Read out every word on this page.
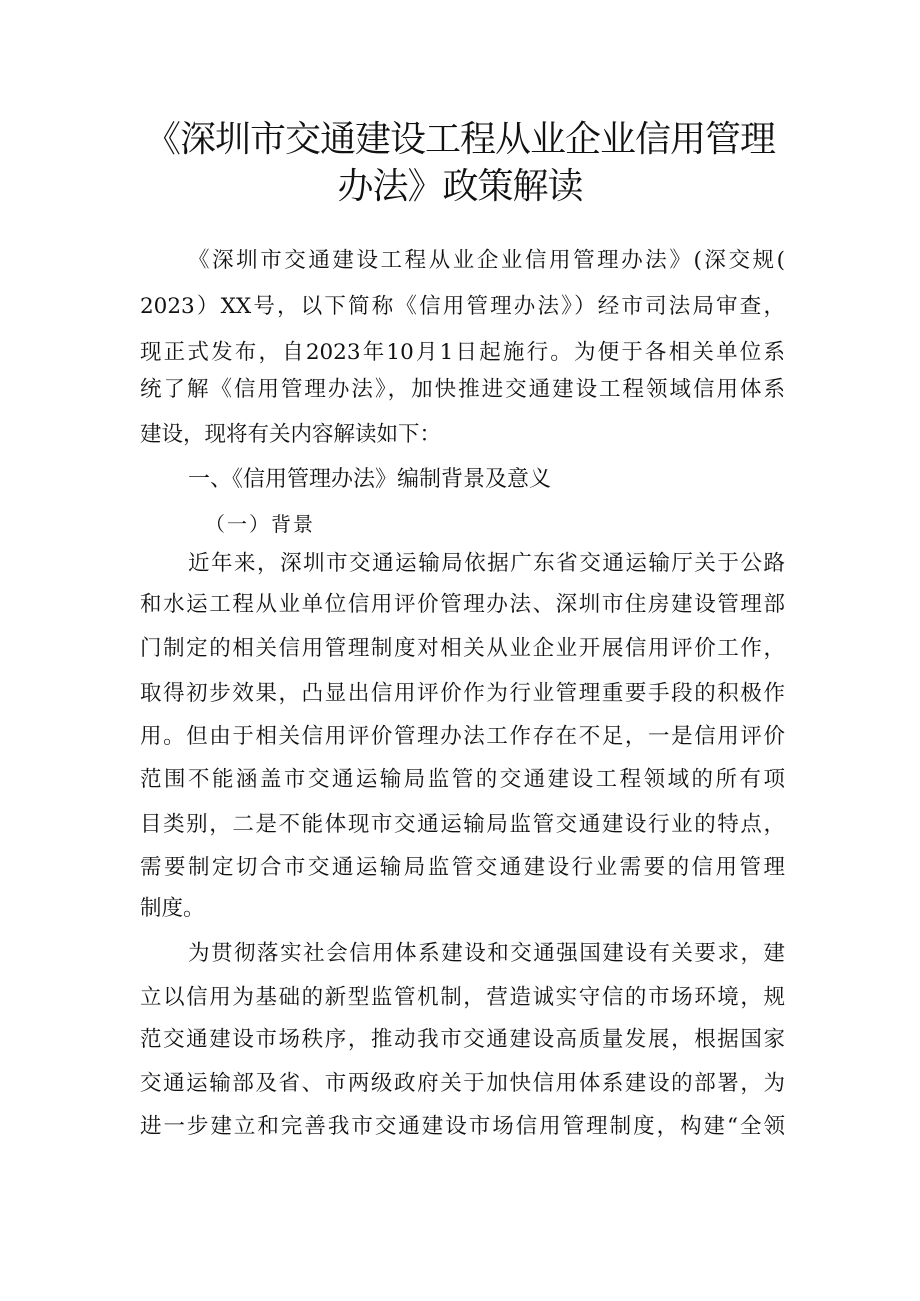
《深圳市交通建设工程从业企业信用管理
办法》政策解读
《深圳市交通建设工程从业企业信用管理办法》(深交规(
2023）XX号，以下简称《信用管理办法》）经市司法局审查，
现正式发布，自2023年10月1日起施行。为便于各相关单位系
统了解《信用管理办法》，加快推进交通建设工程领域信用体系
建设，现将有关内容解读如下：
一、《信用管理办法》编制背景及意义
（一）背景
近年来，深圳市交通运输局依据广东省交通运输厅关于公路
和水运工程从业单位信用评价管理办法、深圳市住房建设管理部
门制定的相关信用管理制度对相关从业企业开展信用评价工作，
取得初步效果，凸显出信用评价作为行业管理重要手段的积极作
用。但由于相关信用评价管理办法工作存在不足，一是信用评价
范围不能涵盖市交通运输局监管的交通建设工程领域的所有项
目类别，二是不能体现市交通运输局监管交通建设行业的特点，
需要制定切合市交通运输局监管交通建设行业需要的信用管理
制度。
为贯彻落实社会信用体系建设和交通强国建设有关要求，建
立以信用为基础的新型监管机制，营造诚实守信的市场环境，规
范交通建设市场秩序，推动我市交通建设高质量发展，根据国家
交通运输部及省、市两级政府关于加快信用体系建设的部署，为
进一步建立和完善我市交通建设市场信用管理制度，构建“全领
